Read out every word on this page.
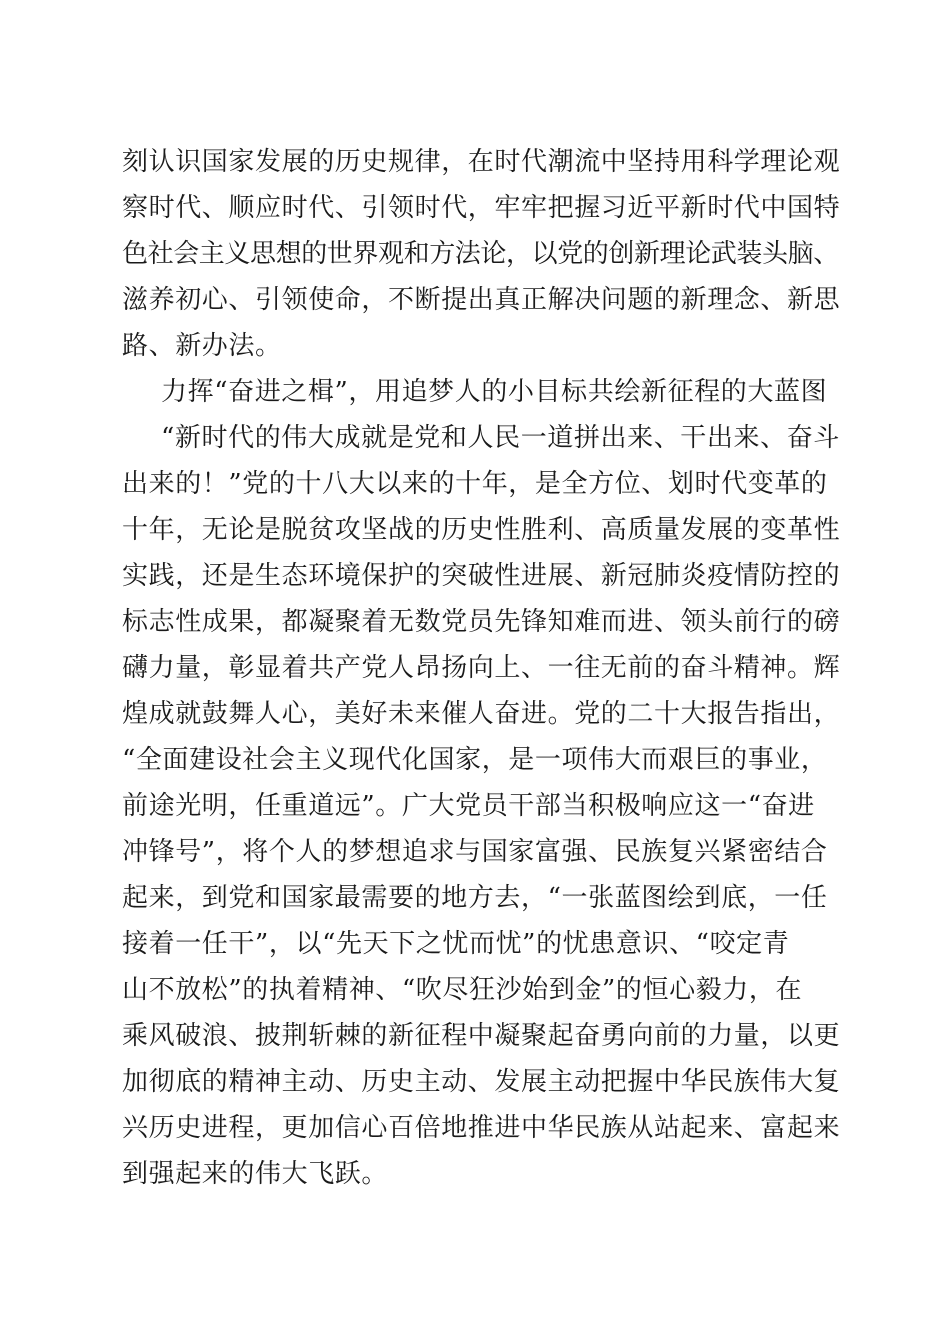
刻认识国家发展的历史规律，在时代潮流中坚持用科学理论观
察时代、顺应时代、引领时代，牢牢把握习近平新时代中国特
色社会主义思想的世界观和方法论，以党的创新理论武装头脑、
滋养初心、引领使命，不断提出真正解决问题的新理念、新思
路、新办法。
力挥“奋进之楫”，用追梦人的小目标共绘新征程的大蓝图
“新时代的伟大成就是党和人民一道拼出来、干出来、奋斗
出来的！”党的十八大以来的十年，是全方位、划时代变革的
十年，无论是脱贫攻坚战的历史性胜利、高质量发展的变革性
实践，还是生态环境保护的突破性进展、新冠肺炎疫情防控的
标志性成果，都凝聚着无数党员先锋知难而进、领头前行的磅
礴力量，彰显着共产党人昂扬向上、一往无前的奋斗精神。辉
煌成就鼓舞人心，美好未来催人奋进。党的二十大报告指出，
“全面建设社会主义现代化国家，是一项伟大而艰巨的事业，
前途光明，任重道远”。广大党员干部当积极响应这一“奋进
冲锋号”，将个人的梦想追求与国家富强、民族复兴紧密结合
起来，到党和国家最需要的地方去，“一张蓝图绘到底，一任
接着一任干”，以“先天下之忧而忧”的忧患意识、“咬定青
山不放松”的执着精神、“吹尽狂沙始到金”的恒心毅力，在
乘风破浪、披荆斩棘的新征程中凝聚起奋勇向前的力量，以更
加彻底的精神主动、历史主动、发展主动把握中华民族伟大复
兴历史进程，更加信心百倍地推进中华民族从站起来、富起来
到强起来的伟大飞跃。
